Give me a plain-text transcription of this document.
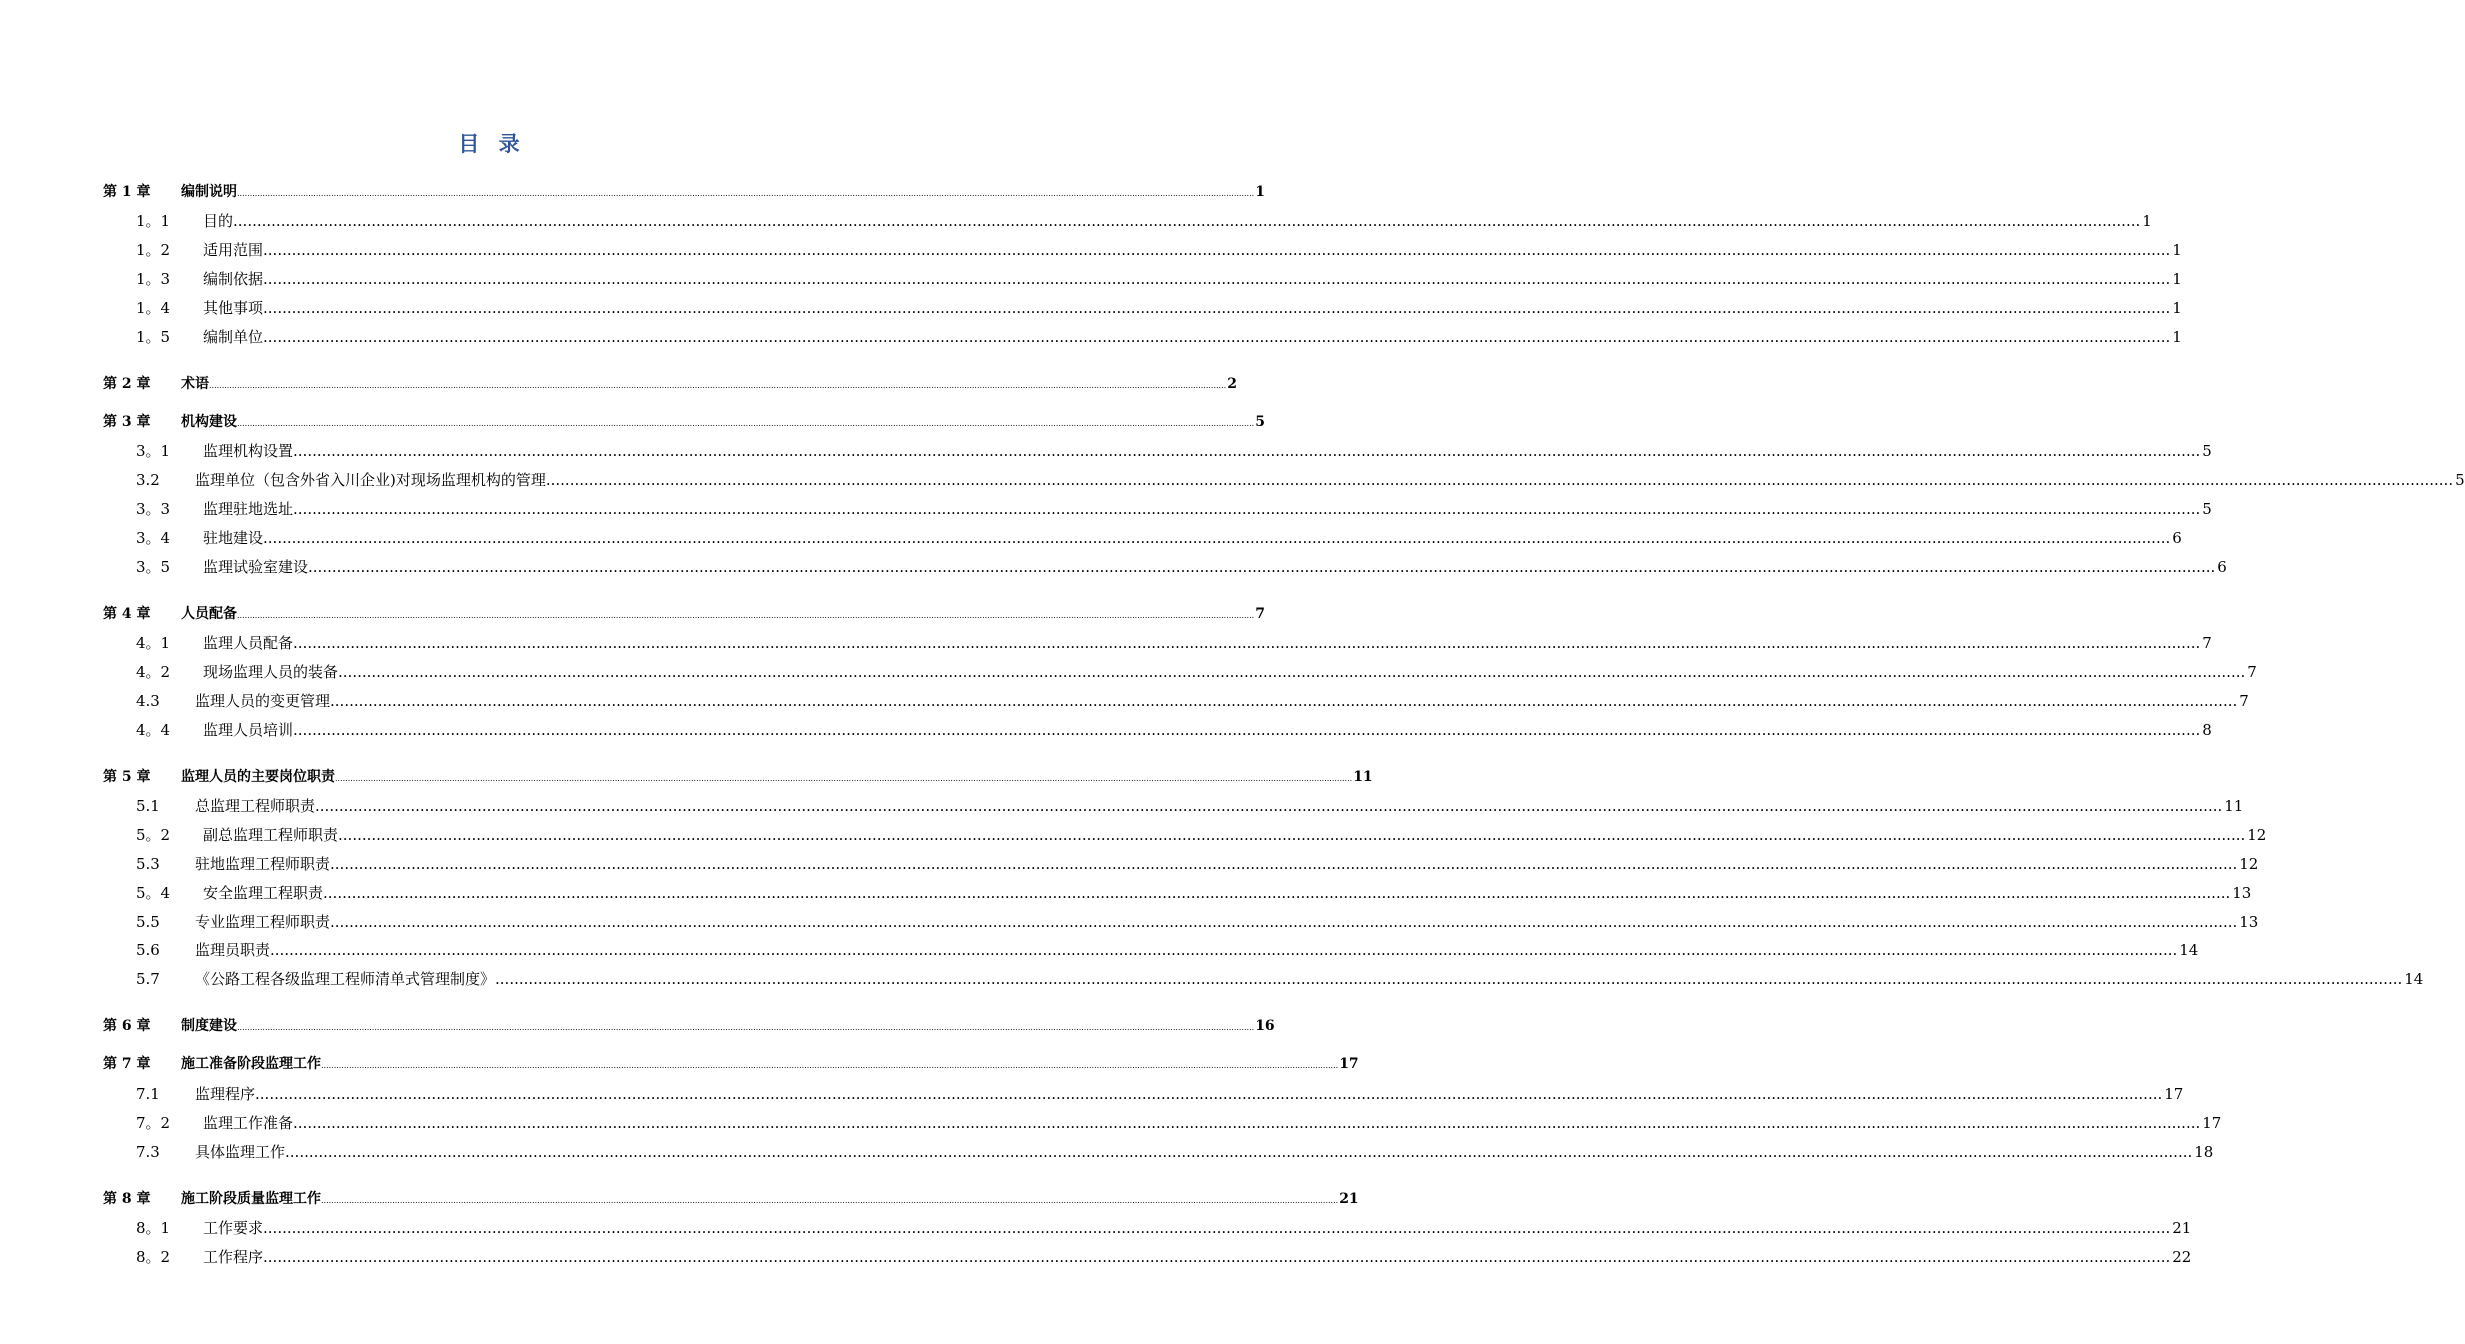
目 录
第 1 章	编制说明 ................................................................................................................................................................................................................................................................................................................................................................................................................ 1
1。1	目的 ................................................................................................................................................................................................................................................................................................................................................................................................................ 1
1。2	适用范围 ................................................................................................................................................................................................................................................................................................................................................................................................................ 1
1。3	编制依据 ................................................................................................................................................................................................................................................................................................................................................................................................................ 1
1。4	其他事项 ................................................................................................................................................................................................................................................................................................................................................................................................................ 1
1。5	编制单位 ................................................................................................................................................................................................................................................................................................................................................................................................................ 1
第 2 章	术语 ................................................................................................................................................................................................................................................................................................................................................................................................................ 2
第 3 章	机构建设 ................................................................................................................................................................................................................................................................................................................................................................................................................ 5
3。1	监理机构设置 ................................................................................................................................................................................................................................................................................................................................................................................................................ 5
3.2	监理单位（包含外省入川企业)对现场监理机构的管理 ................................................................................................................................................................................................................................................................................................................................................................................................................ 5
3。3	监理驻地选址 ................................................................................................................................................................................................................................................................................................................................................................................................................ 5
3。4	驻地建设 ................................................................................................................................................................................................................................................................................................................................................................................................................ 6
3。5	监理试验室建设 ................................................................................................................................................................................................................................................................................................................................................................................................................ 6
第 4 章	人员配备 ................................................................................................................................................................................................................................................................................................................................................................................................................ 7
4。1	监理人员配备 ................................................................................................................................................................................................................................................................................................................................................................................................................ 7
4。2	现场监理人员的装备 ................................................................................................................................................................................................................................................................................................................................................................................................................ 7
4.3	监理人员的变更管理 ................................................................................................................................................................................................................................................................................................................................................................................................................ 7
4。4	监理人员培训 ................................................................................................................................................................................................................................................................................................................................................................................................................ 8
第 5 章	监理人员的主要岗位职责 ................................................................................................................................................................................................................................................................................................................................................................................................................ 11
5.1	总监理工程师职责 ................................................................................................................................................................................................................................................................................................................................................................................................................ 11
5。2	副总监理工程师职责 ................................................................................................................................................................................................................................................................................................................................................................................................................ 12
5.3	驻地监理工程师职责 ................................................................................................................................................................................................................................................................................................................................................................................................................ 12
5。4	安全监理工程职责 ................................................................................................................................................................................................................................................................................................................................................................................................................ 13
5.5	专业监理工程师职责 ................................................................................................................................................................................................................................................................................................................................................................................................................ 13
5.6	监理员职责 ................................................................................................................................................................................................................................................................................................................................................................................................................ 14
5.7	《公路工程各级监理工程师清单式管理制度》 ................................................................................................................................................................................................................................................................................................................................................................................................................ 14
第 6 章	制度建设 ................................................................................................................................................................................................................................................................................................................................................................................................................ 16
第 7 章	施工准备阶段监理工作 ................................................................................................................................................................................................................................................................................................................................................................................................................ 17
7.1	监理程序 ................................................................................................................................................................................................................................................................................................................................................................................................................ 17
7。2	监理工作准备 ................................................................................................................................................................................................................................................................................................................................................................................................................ 17
7.3	具体监理工作 ................................................................................................................................................................................................................................................................................................................................................................................................................ 18
第 8 章	施工阶段质量监理工作 ................................................................................................................................................................................................................................................................................................................................................................................................................ 21
8。1	工作要求 ................................................................................................................................................................................................................................................................................................................................................................................................................ 21
8。2	工作程序 ................................................................................................................................................................................................................................................................................................................................................................................................................ 22
